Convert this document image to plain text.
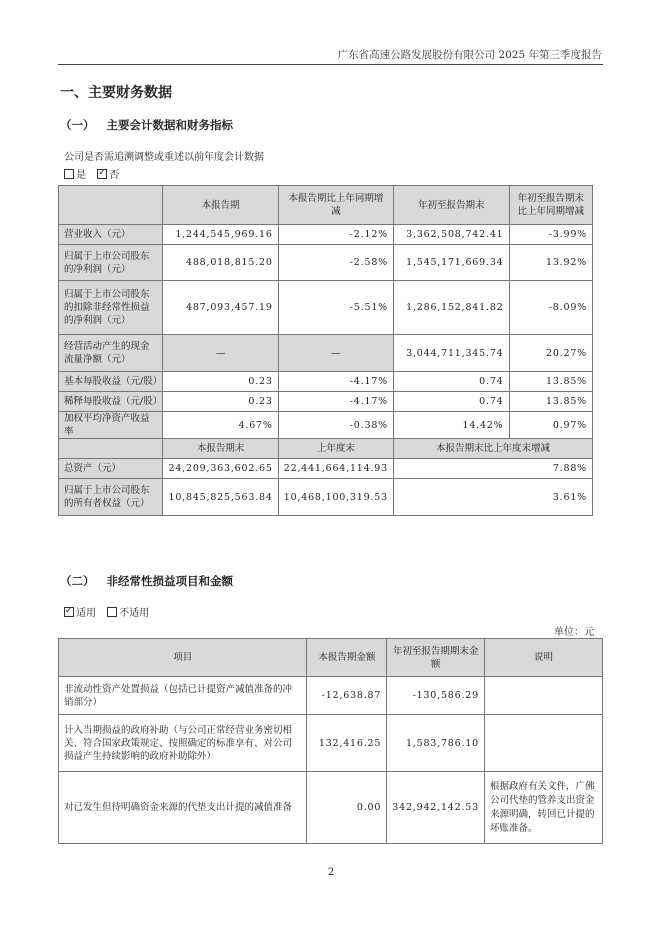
广东省高速公路发展股份有限公司 2025 年第三季度报告
一、主要财务数据
（一） 主要会计数据和财务指标
公司是否需追溯调整或重述以前年度会计数据
是 ✓ 否
	本报告期	本报告期比上年同期增减	年初至报告期末	年初至报告期末比上年同期增减
营业收入（元）	1,244,545,969.16	-2.12%	3,362,508,742.41	-3.99%
归属于上市公司股东的净利润（元）	488,018,815.20	-2.58%	1,545,171,669.34	13.92%
归属于上市公司股东的扣除非经常性损益的净利润（元）	487,093,457.19	-5.51%	1,286,152,841.82	-8.09%
经营活动产生的现金流量净额（元）	—	—	3,044,711,345.74	20.27%
基本每股收益（元/股）	0.23	-4.17%	0.74	13.85%
稀释每股收益（元/股）	0.23	-4.17%	0.74	13.85%
加权平均净资产收益率	4.67%	-0.38%	14.42%	0.97%
	本报告期末	上年度末	本报告期末比上年度末增减	
总资产（元）	24,209,363,602.65	22,441,664,114.93	7.88%	
归属于上市公司股东的所有者权益（元）	10,845,825,563.84	10,468,100,319.53	3.61%	
（二） 非经常性损益项目和金额
✓适用 不适用
单位：元
项目	本报告期金额	年初至报告期期末金额	说明
非流动性资产处置损益（包括已计提资产减值准备的冲销部分）	-12,638.87	-130,586.29	
计入当期损益的政府补助（与公司正常经营业务密切相关、符合国家政策规定、按照确定的标准享有、对公司损益产生持续影响的政府补助除外）	132,416.25	1,583,786.10	
对已发生但待明确资金来源的代垫支出计提的减值准备	0.00	342,942,142.53	根据政府有关文件，广佛公司代垫的管养支出资金来源明确，转回已计提的坏账准备。
2
